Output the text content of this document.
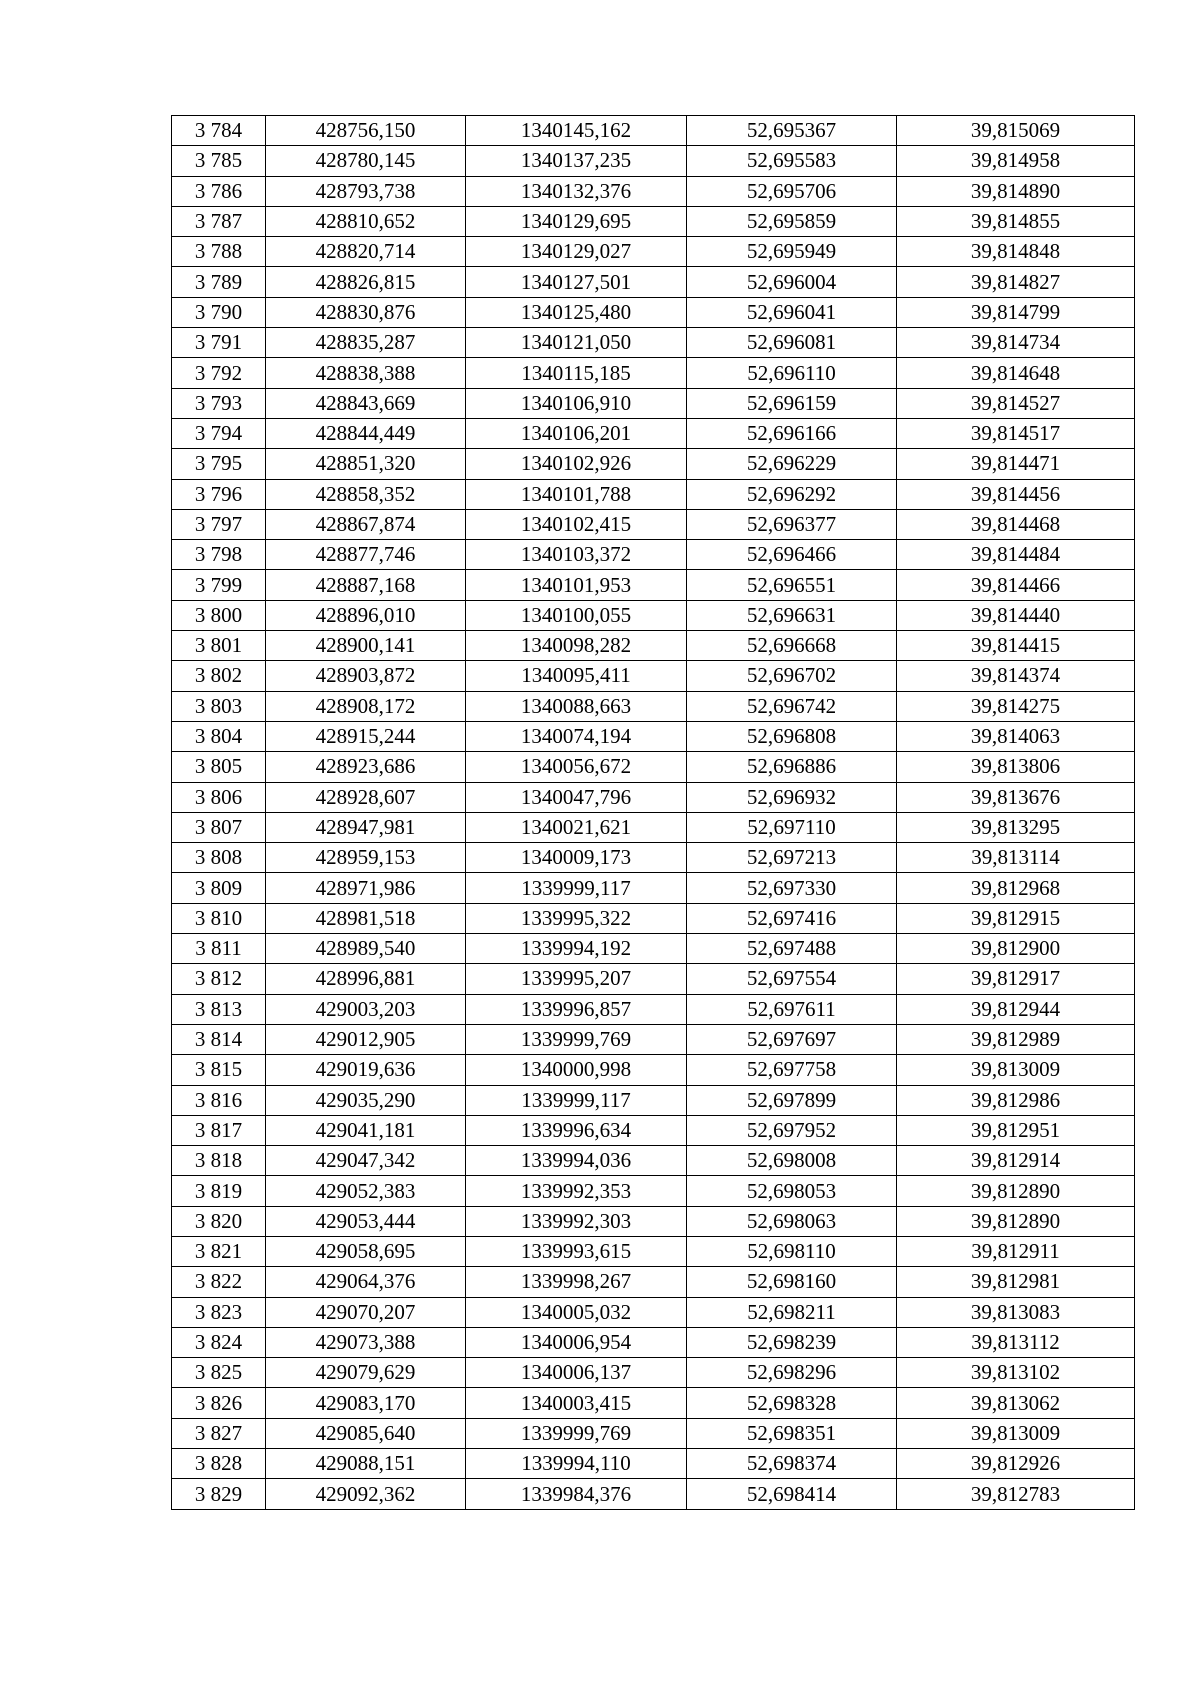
3 784	428756,150	1340145,162	52,695367	39,815069
3 785	428780,145	1340137,235	52,695583	39,814958
3 786	428793,738	1340132,376	52,695706	39,814890
3 787	428810,652	1340129,695	52,695859	39,814855
3 788	428820,714	1340129,027	52,695949	39,814848
3 789	428826,815	1340127,501	52,696004	39,814827
3 790	428830,876	1340125,480	52,696041	39,814799
3 791	428835,287	1340121,050	52,696081	39,814734
3 792	428838,388	1340115,185	52,696110	39,814648
3 793	428843,669	1340106,910	52,696159	39,814527
3 794	428844,449	1340106,201	52,696166	39,814517
3 795	428851,320	1340102,926	52,696229	39,814471
3 796	428858,352	1340101,788	52,696292	39,814456
3 797	428867,874	1340102,415	52,696377	39,814468
3 798	428877,746	1340103,372	52,696466	39,814484
3 799	428887,168	1340101,953	52,696551	39,814466
3 800	428896,010	1340100,055	52,696631	39,814440
3 801	428900,141	1340098,282	52,696668	39,814415
3 802	428903,872	1340095,411	52,696702	39,814374
3 803	428908,172	1340088,663	52,696742	39,814275
3 804	428915,244	1340074,194	52,696808	39,814063
3 805	428923,686	1340056,672	52,696886	39,813806
3 806	428928,607	1340047,796	52,696932	39,813676
3 807	428947,981	1340021,621	52,697110	39,813295
3 808	428959,153	1340009,173	52,697213	39,813114
3 809	428971,986	1339999,117	52,697330	39,812968
3 810	428981,518	1339995,322	52,697416	39,812915
3 811	428989,540	1339994,192	52,697488	39,812900
3 812	428996,881	1339995,207	52,697554	39,812917
3 813	429003,203	1339996,857	52,697611	39,812944
3 814	429012,905	1339999,769	52,697697	39,812989
3 815	429019,636	1340000,998	52,697758	39,813009
3 816	429035,290	1339999,117	52,697899	39,812986
3 817	429041,181	1339996,634	52,697952	39,812951
3 818	429047,342	1339994,036	52,698008	39,812914
3 819	429052,383	1339992,353	52,698053	39,812890
3 820	429053,444	1339992,303	52,698063	39,812890
3 821	429058,695	1339993,615	52,698110	39,812911
3 822	429064,376	1339998,267	52,698160	39,812981
3 823	429070,207	1340005,032	52,698211	39,813083
3 824	429073,388	1340006,954	52,698239	39,813112
3 825	429079,629	1340006,137	52,698296	39,813102
3 826	429083,170	1340003,415	52,698328	39,813062
3 827	429085,640	1339999,769	52,698351	39,813009
3 828	429088,151	1339994,110	52,698374	39,812926
3 829	429092,362	1339984,376	52,698414	39,812783
